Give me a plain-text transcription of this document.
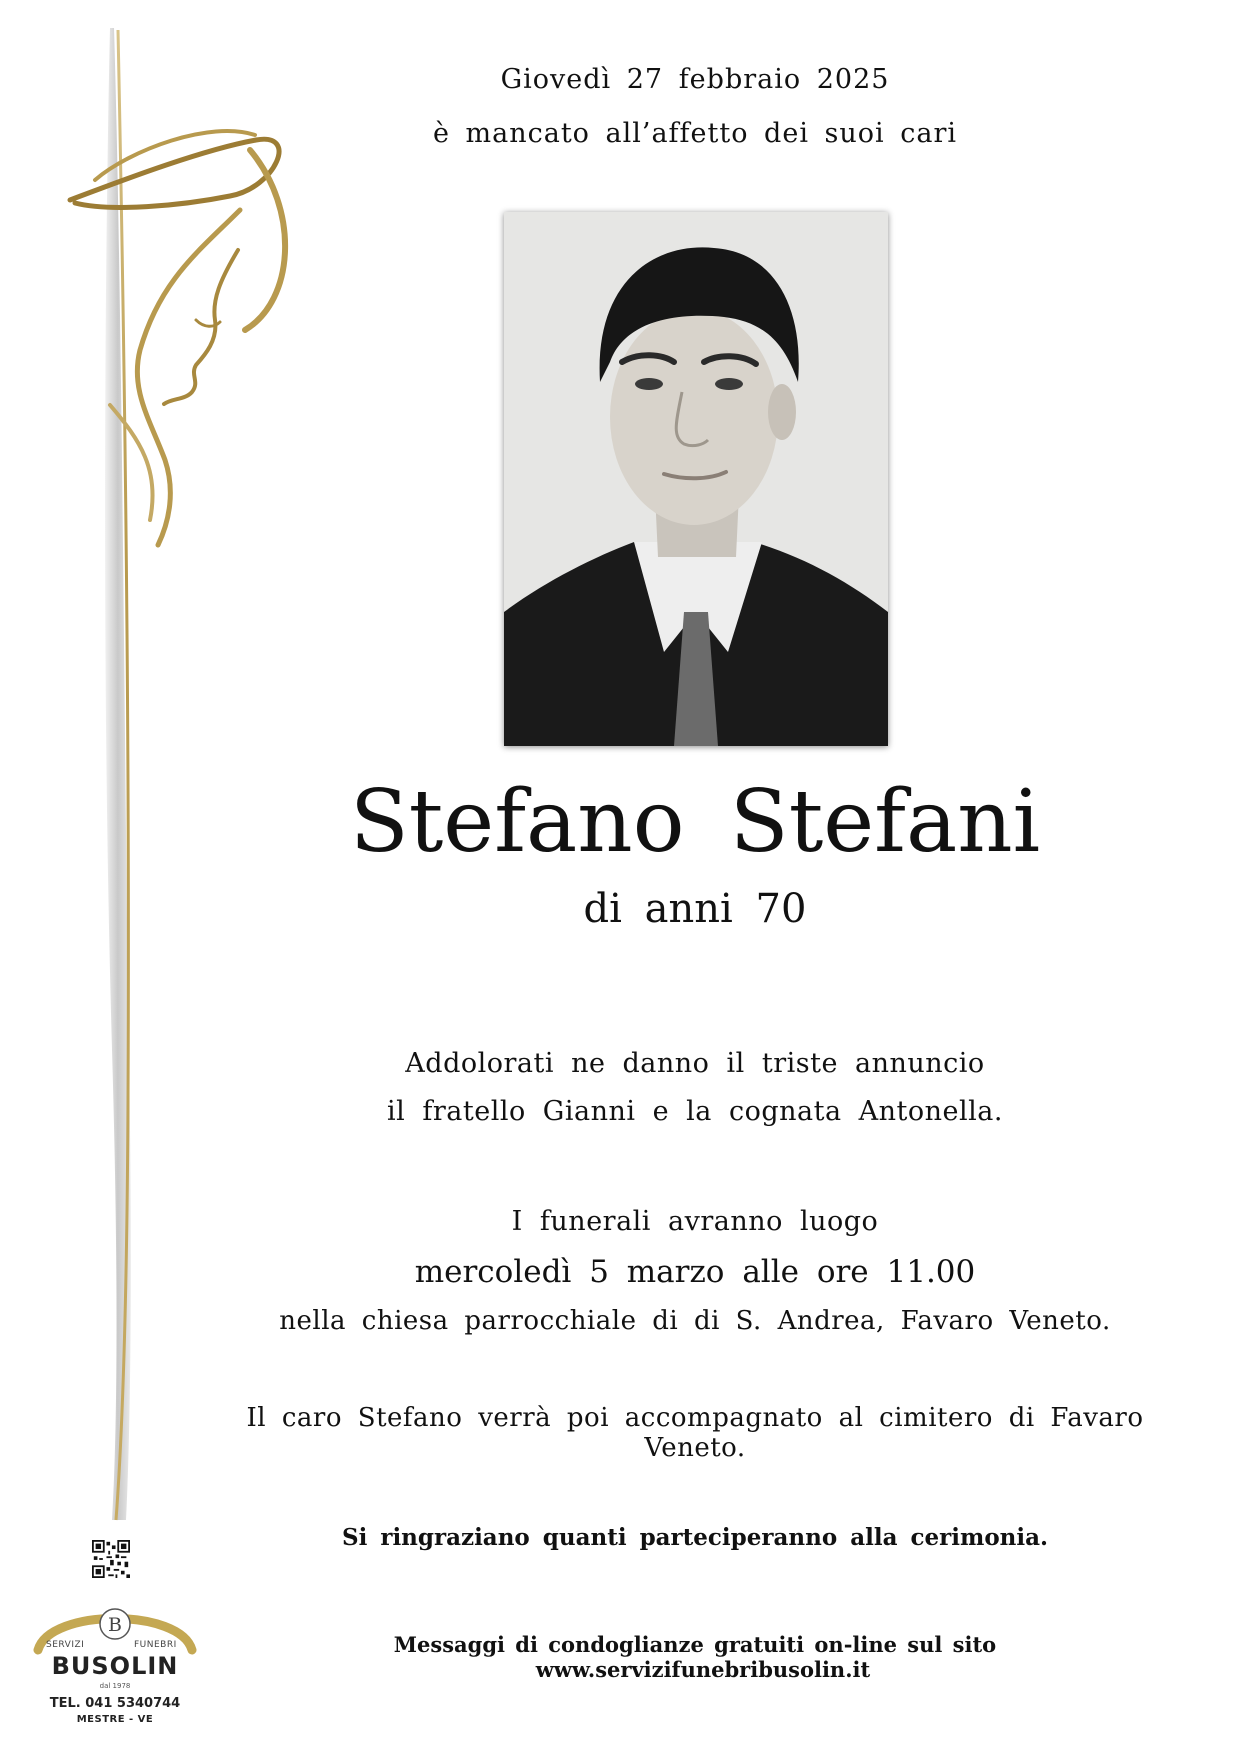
Giovedì 27 febbraio 2025
è mancato all’affetto dei suoi cari
Stefano Stefani
di anni 70
Addolorati ne danno il triste annuncio
il fratello Gianni e la cognata Antonella.
I funerali avranno luogo
mercoledì 5 marzo alle ore 11.00
nella chiesa parrocchiale di di S. Andrea, Favaro Veneto.
Il caro Stefano verrà poi accompagnato al cimitero di Favaro Veneto.
Si ringraziano quanti parteciperanno alla cerimonia.
Messaggi di condoglianze gratuiti on-line sul sito www.servizifunebribusolin.it
B
SERVIZI	FUNEBRI
BUSOLIN
dal 1978
TEL. 041 5340744
MESTRE - VE
